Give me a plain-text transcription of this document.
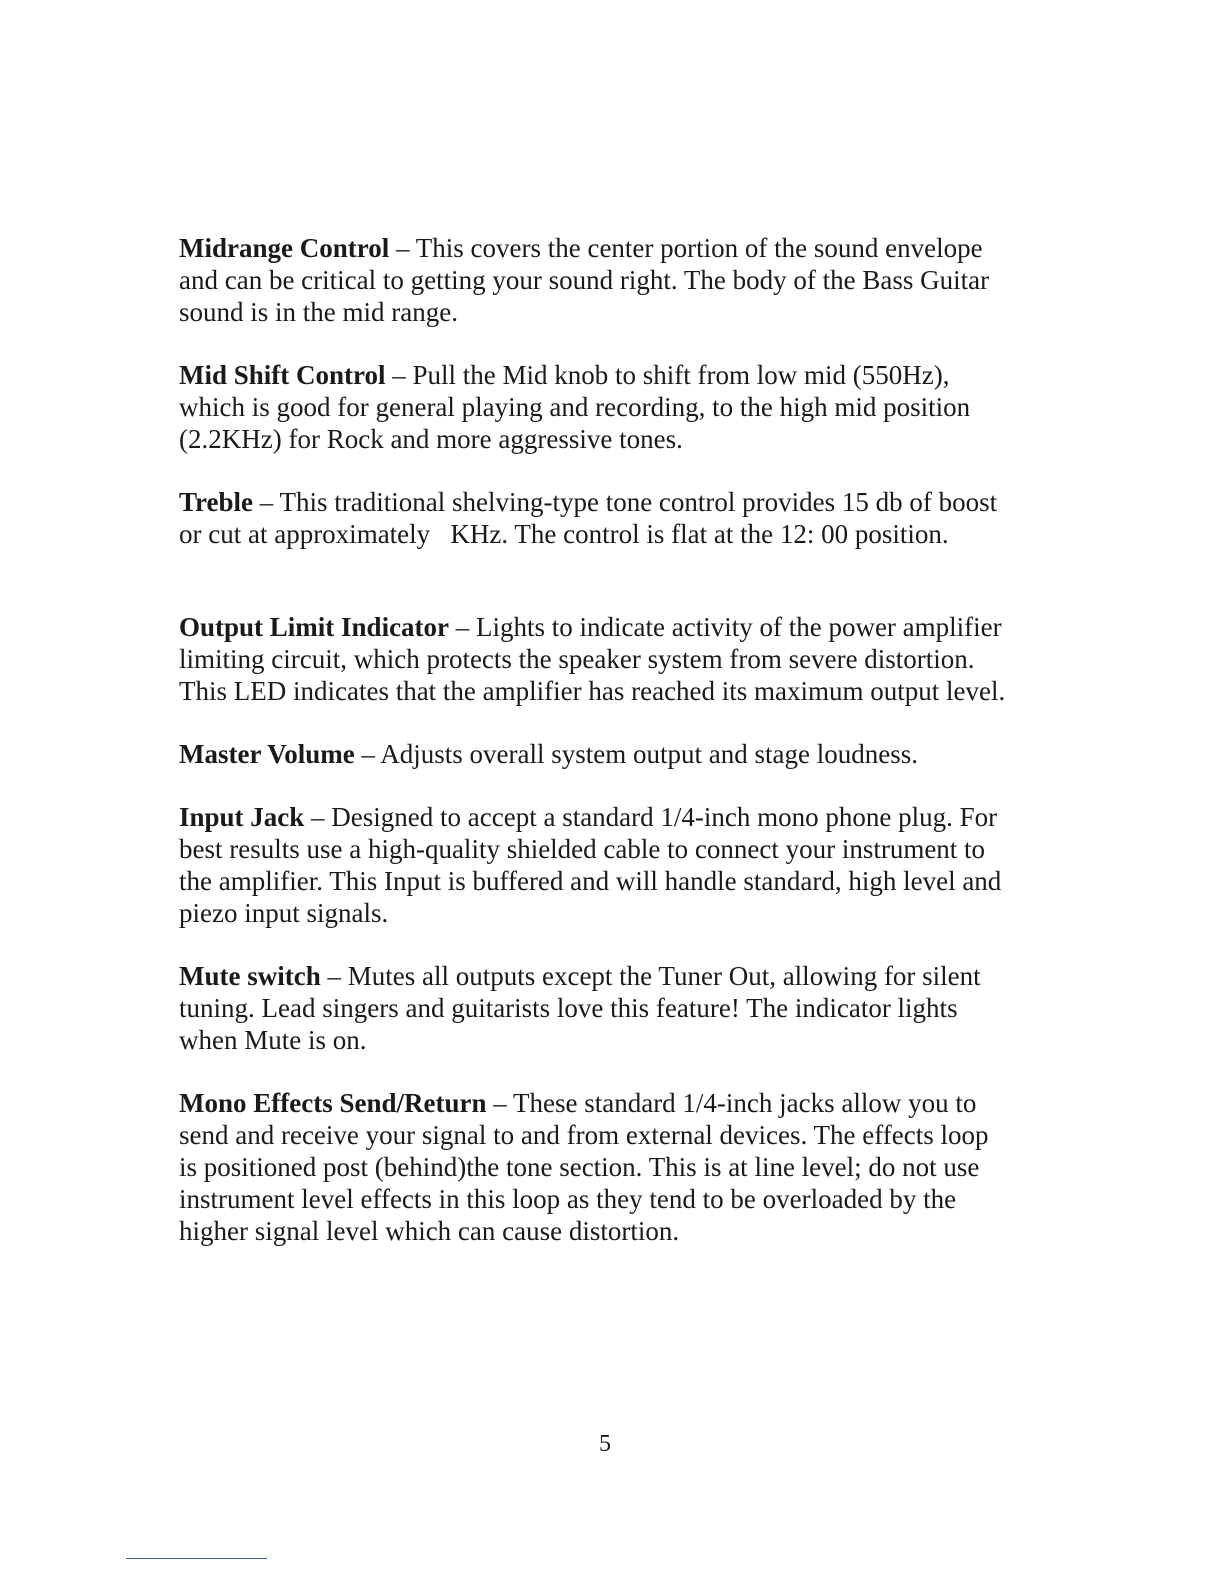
Midrange Control – This covers the center portion of the sound envelope
and can be critical to getting your sound right. The body of the Bass Guitar
sound is in the mid range.

Mid Shift Control – Pull the Mid knob to shift from low mid (550Hz),
which is good for general playing and recording, to the high mid position
(2.2KHz) for Rock and more aggressive tones.

Treble – This traditional shelving-type tone control provides 15 db of boost
or cut at approximately   KHz. The control is flat at the 12: 00 position.

Output Limit Indicator – Lights to indicate activity of the power amplifier
limiting circuit, which protects the speaker system from severe distortion.
This LED indicates that the amplifier has reached its maximum output level.

Master Volume – Adjusts overall system output and stage loudness.

Input Jack – Designed to accept a standard 1/4-inch mono phone plug. For
best results use a high-quality shielded cable to connect your instrument to
the amplifier. This Input is buffered and will handle standard, high level and
piezo input signals.

Mute switch – Mutes all outputs except the Tuner Out, allowing for silent
tuning. Lead singers and guitarists love this feature! The indicator lights
when Mute is on.

Mono Effects Send/Return – These standard 1/4-inch jacks allow you to
send and receive your signal to and from external devices. The effects loop
is positioned post (behind)the tone section. This is at line level; do not use
instrument level effects in this loop as they tend to be overloaded by the
higher signal level which can cause distortion.

5
